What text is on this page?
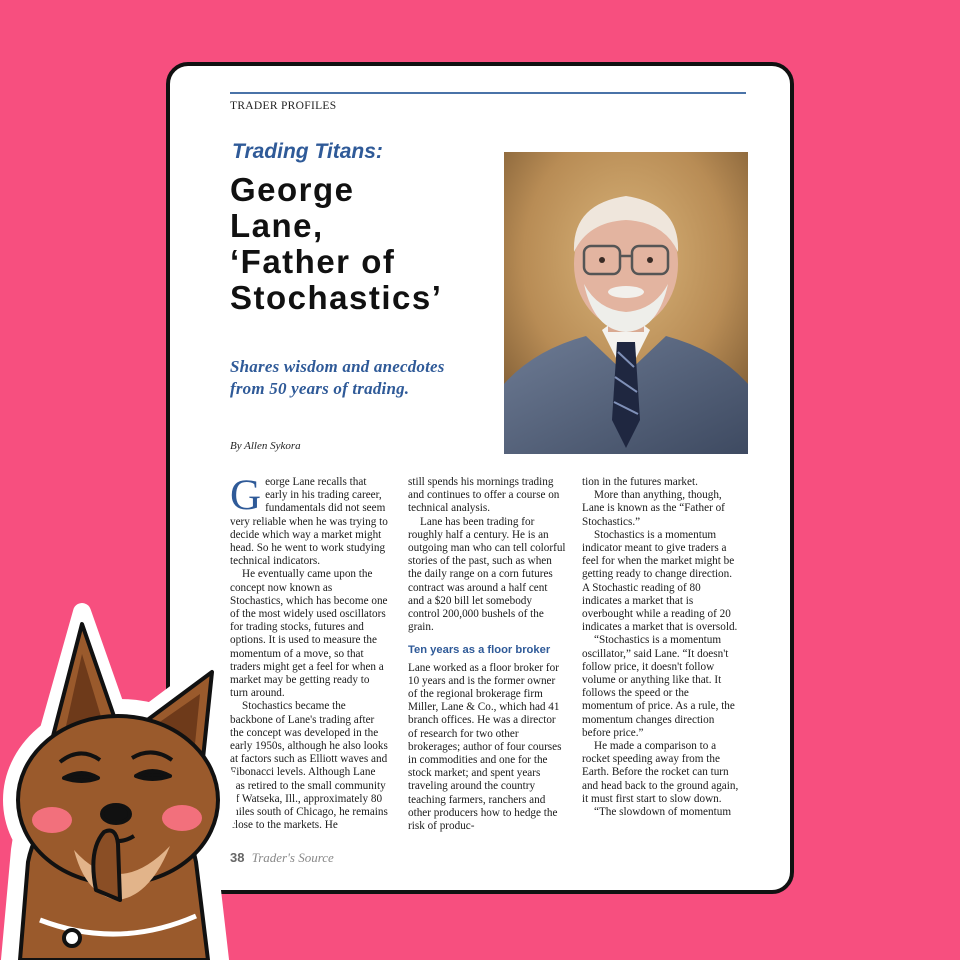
TRADER PROFILES
Trading Titans:
George
Lane,
‘Father of
Stochastics’
Shares wisdom and anecdotes
from 50 years of trading.
By Allen Sykora

George Lane recalls that early in his trading career, fundamentals did not seem very reliable when he was trying to decide which way a market might head. So he went to work studying technical indicators.

He eventually came upon the concept now known as Stochastics, which has become one of the most widely used oscillators for trading stocks, futures and options. It is used to measure the momentum of a move, so that traders might get a feel for when a market may be getting ready to turn around.

Stochastics became the backbone of Lane's trading after the concept was developed in the early 1950s, although he also looks at factors such as Elliott waves and Fibonacci levels. Although Lane has retired to the small community of Watseka, Ill., approximately 80 miles south of Chicago, he remains close to the markets. He

still spends his mornings trading and continues to offer a course on technical analysis.

Lane has been trading for roughly half a century. He is an outgoing man who can tell colorful stories of the past, such as when the daily range on a corn futures contract was around a half cent and a $20 bill let somebody control 200,000 bushels of the grain.

Ten years as a floor broker

Lane worked as a floor broker for 10 years and is the former owner of the regional brokerage firm Miller, Lane & Co., which had 41 branch offices. He was a director of research for two other brokerages; author of four courses in commodities and one for the stock market; and spent years traveling around the country teaching farmers, ranchers and other producers how to hedge the risk of produc-

tion in the futures market.

More than anything, though, Lane is known as the “Father of Stochastics.”

Stochastics is a momentum indicator meant to give traders a feel for when the market might be getting ready to change direction. A Stochastic reading of 80 indicates a market that is overbought while a reading of 20 indicates a market that is oversold.

“Stochastics is a momentum oscillator,” said Lane. “It doesn't follow price, it doesn't follow volume or anything like that. It follows the speed or the momentum of price. As a rule, the momentum changes direction before price.”

He made a comparison to a rocket speeding away from the Earth. Before the rocket can turn and head back to the ground again, it must first start to slow down.

“The slowdown of momentum

38 Trader's Source
